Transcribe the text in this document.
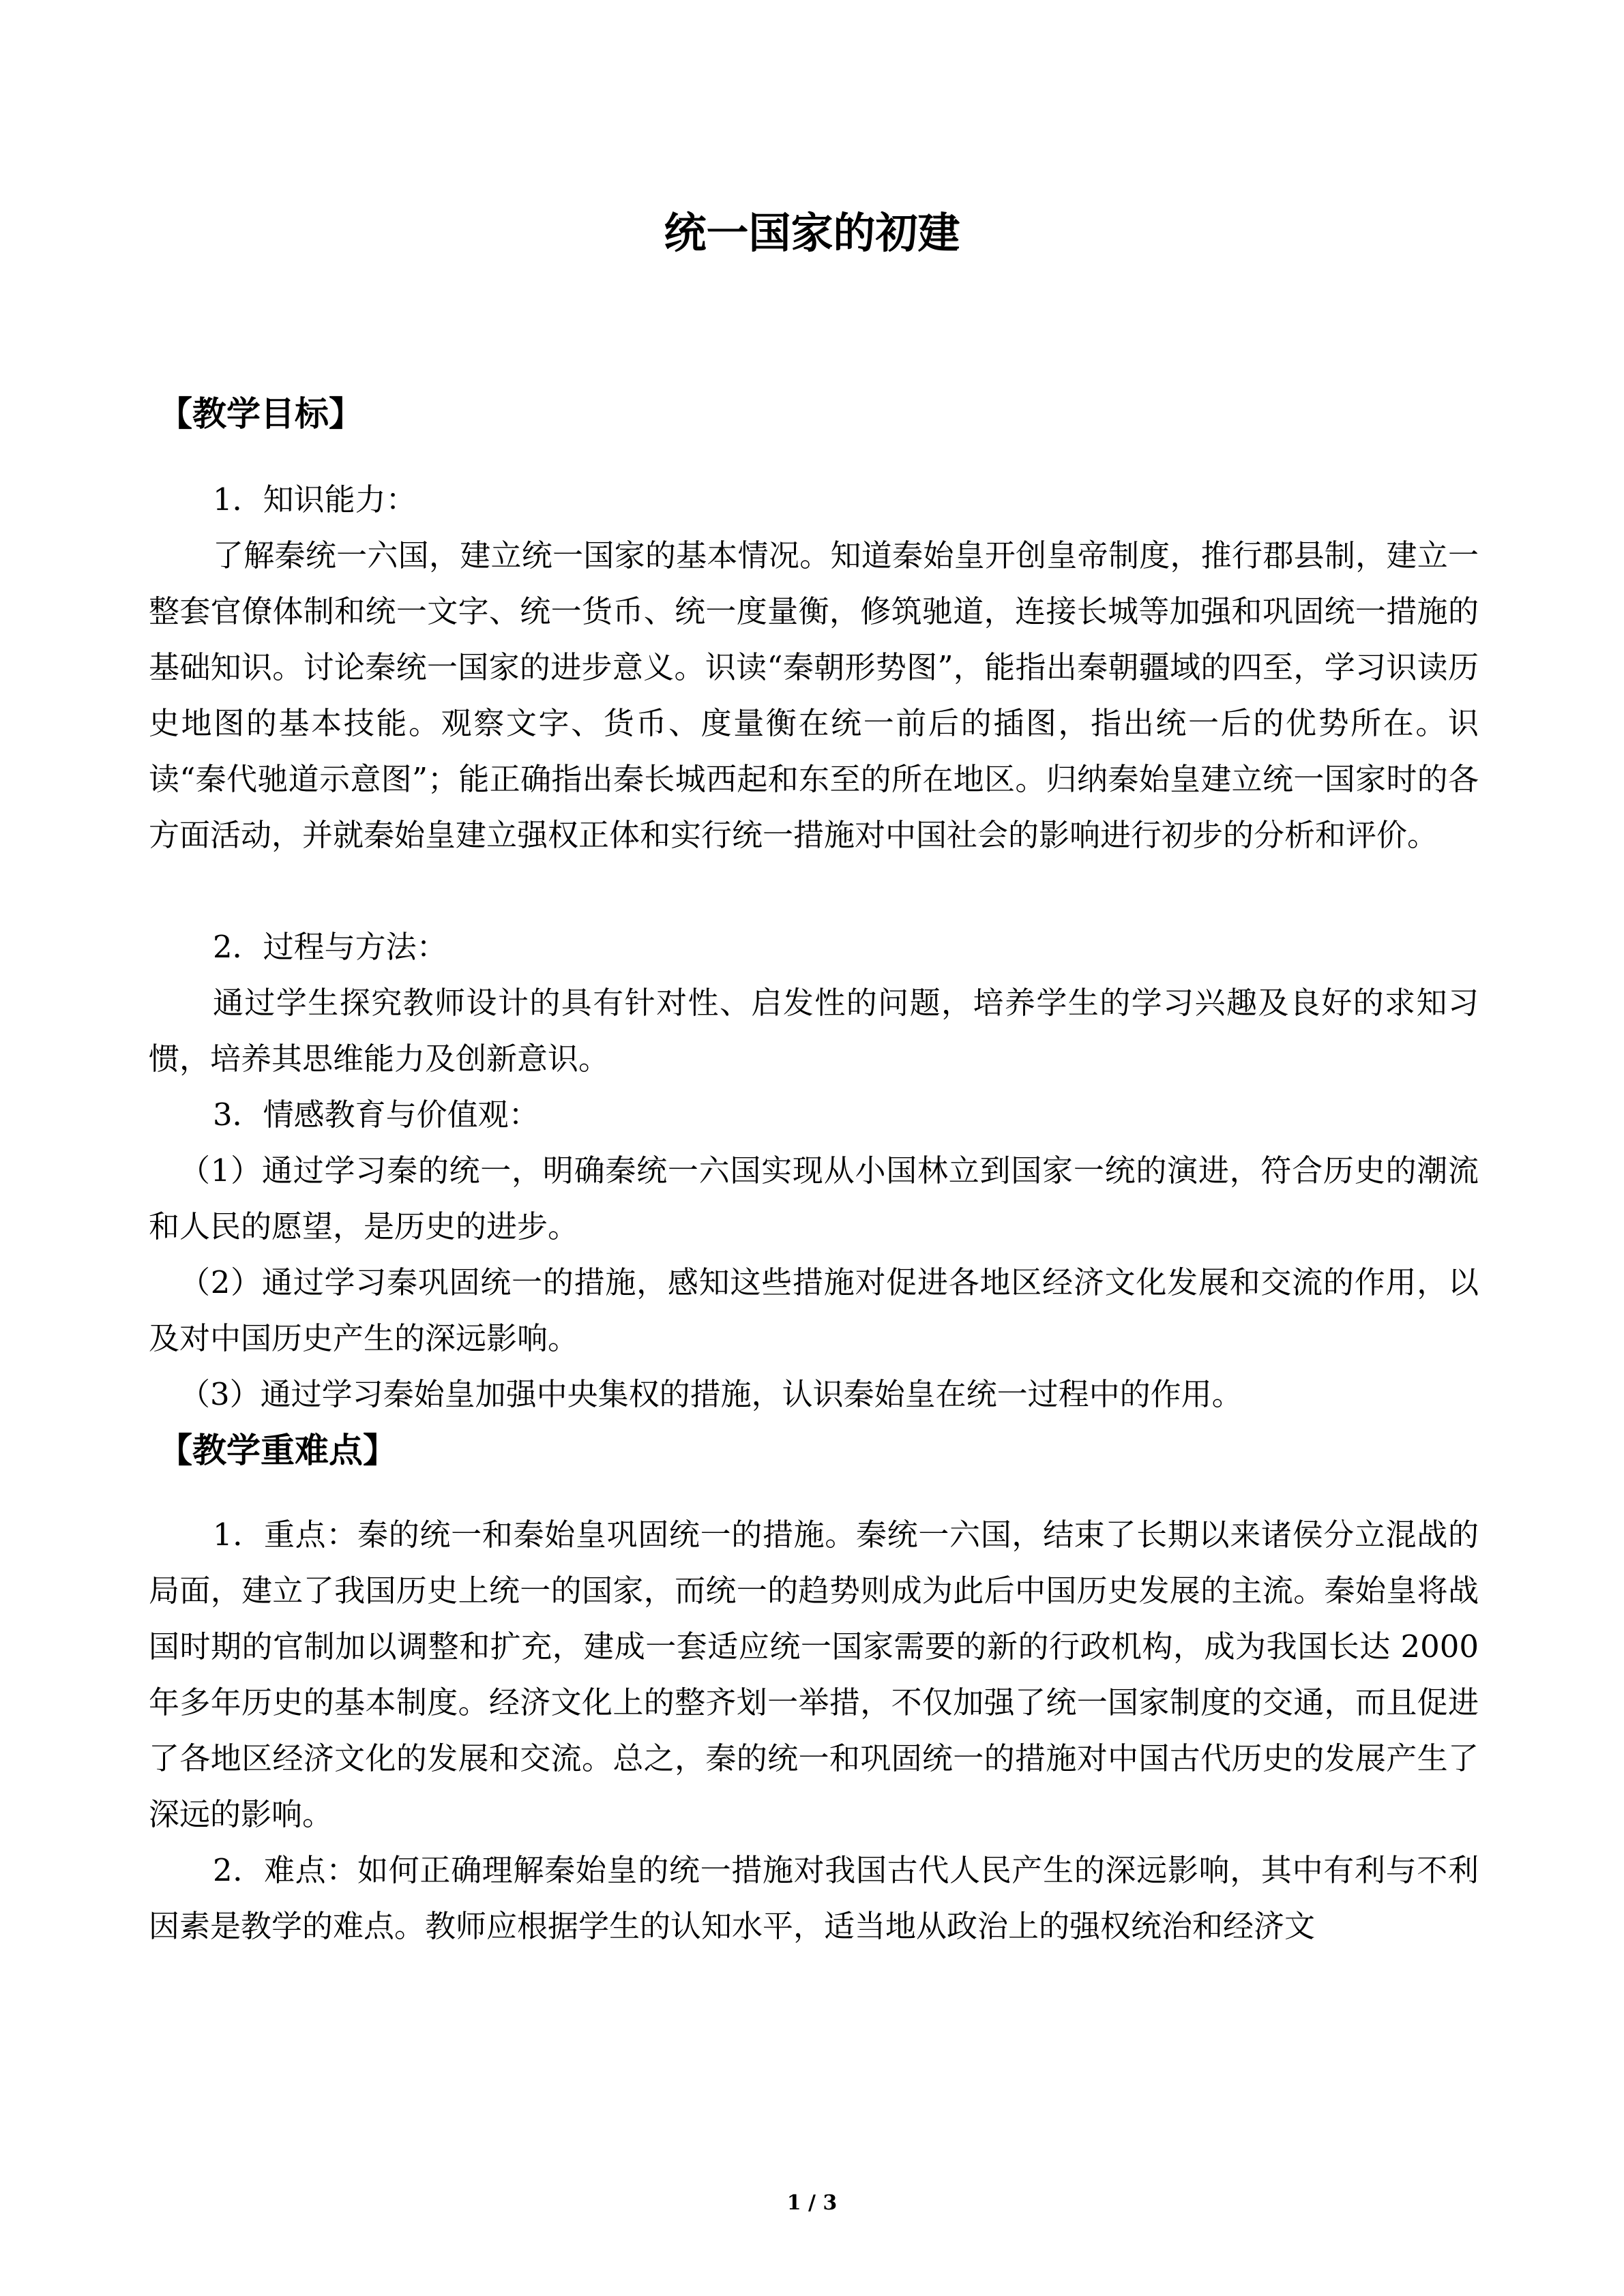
统一国家的初建
【教学目标】
1．知识能力：
了解秦统一六国，建立统一国家的基本情况。知道秦始皇开创皇帝制度，推行郡县制，建立一整套官僚体制和统一文字、统一货币、统一度量衡，修筑驰道，连接长城等加强和巩固统一措施的基础知识。讨论秦统一国家的进步意义。识读“秦朝形势图”，能指出秦朝疆域的四至，学习识读历史地图的基本技能。观察文字、货币、度量衡在统一前后的插图，指出统一后的优势所在。识读“秦代驰道示意图”；能正确指出秦长城西起和东至的所在地区。归纳秦始皇建立统一国家时的各方面活动，并就秦始皇建立强权正体和实行统一措施对中国社会的影响进行初步的分析和评价。
2．过程与方法：
通过学生探究教师设计的具有针对性、启发性的问题，培养学生的学习兴趣及良好的求知习惯，培养其思维能力及创新意识。
3．情感教育与价值观：
（1）通过学习秦的统一，明确秦统一六国实现从小国林立到国家一统的演进，符合历史的潮流和人民的愿望，是历史的进步。
（2）通过学习秦巩固统一的措施，感知这些措施对促进各地区经济文化发展和交流的作用，以及对中国历史产生的深远影响。
（3）通过学习秦始皇加强中央集权的措施，认识秦始皇在统一过程中的作用。
【教学重难点】
1．重点：秦的统一和秦始皇巩固统一的措施。秦统一六国，结束了长期以来诸侯分立混战的局面，建立了我国历史上统一的国家，而统一的趋势则成为此后中国历史发展的主流。秦始皇将战国时期的官制加以调整和扩充，建成一套适应统一国家需要的新的行政机构，成为我国长达 2000 年多年历史的基本制度。经济文化上的整齐划一举措，不仅加强了统一国家制度的交通，而且促进了各地区经济文化的发展和交流。总之，秦的统一和巩固统一的措施对中国古代历史的发展产生了深远的影响。
2．难点：如何正确理解秦始皇的统一措施对我国古代人民产生的深远影响，其中有利与不利因素是教学的难点。教师应根据学生的认知水平，适当地从政治上的强权统治和经济文
1 / 3
